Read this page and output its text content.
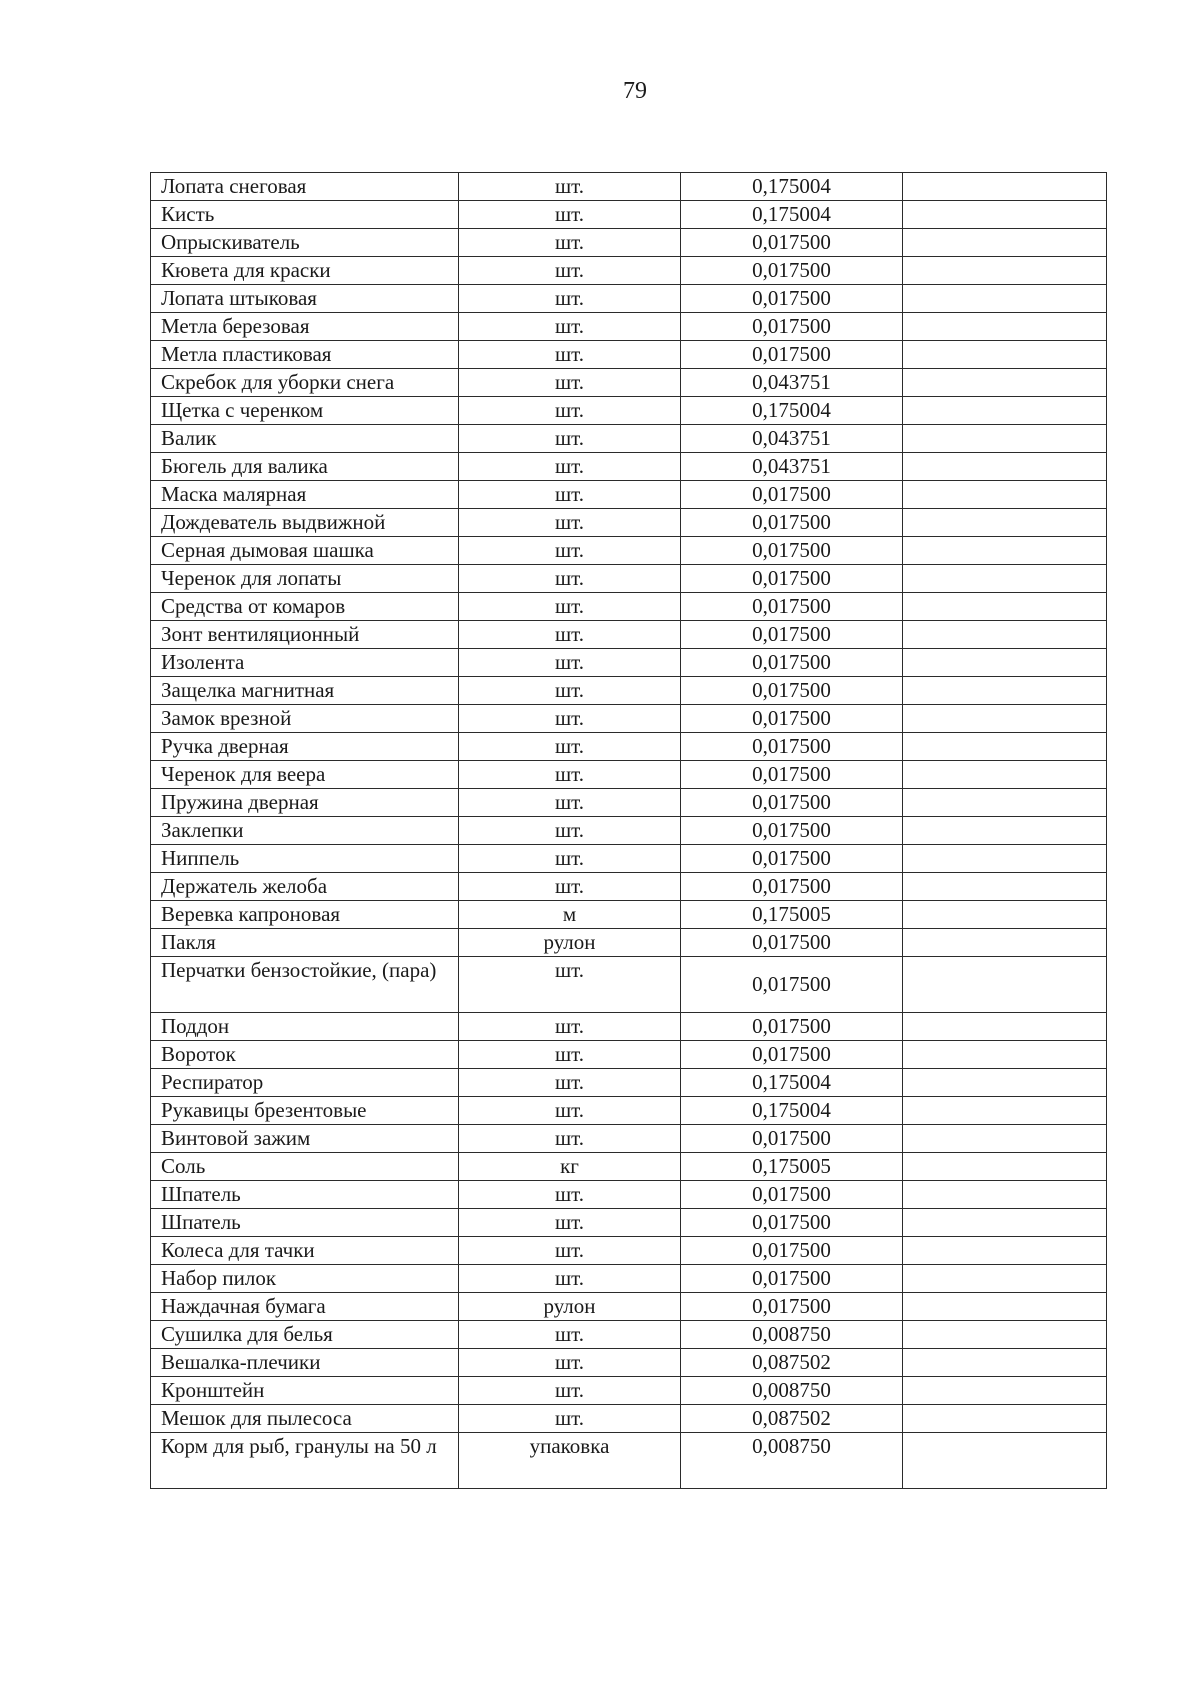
79
Лопата снеговая	шт.	0,175004	
Кисть	шт.	0,175004	
Опрыскиватель	шт.	0,017500	
Кювета для краски	шт.	0,017500	
Лопата штыковая	шт.	0,017500	
Метла березовая	шт.	0,017500	
Метла пластиковая	шт.	0,017500	
Скребок для уборки снега	шт.	0,043751	
Щетка с черенком	шт.	0,175004	
Валик	шт.	0,043751	
Бюгель для валика	шт.	0,043751	
Маска малярная	шт.	0,017500	
Дождеватель выдвижной	шт.	0,017500	
Серная дымовая шашка	шт.	0,017500	
Черенок для лопаты	шт.	0,017500	
Средства от комаров	шт.	0,017500	
Зонт вентиляционный	шт.	0,017500	
Изолента	шт.	0,017500	
Защелка магнитная	шт.	0,017500	
Замок врезной	шт.	0,017500	
Ручка дверная	шт.	0,017500	
Черенок для веера	шт.	0,017500	
Пружина дверная	шт.	0,017500	
Заклепки	шт.	0,017500	
Ниппель	шт.	0,017500	
Держатель желоба	шт.	0,017500	
Веревка капроновая	м	0,175005	
Пакля	рулон	0,017500	
Перчатки бензостойкие, (пара)	шт.	0,017500	
Поддон	шт.	0,017500	
Вороток	шт.	0,017500	
Респиратор	шт.	0,175004	
Рукавицы брезентовые	шт.	0,175004	
Винтовой зажим	шт.	0,017500	
Соль	кг	0,175005	
Шпатель	шт.	0,017500	
Шпатель	шт.	0,017500	
Колеса для тачки	шт.	0,017500	
Набор пилок	шт.	0,017500	
Наждачная бумага	рулон	0,017500	
Сушилка для белья	шт.	0,008750	
Вешалка-плечики	шт.	0,087502	
Кронштейн	шт.	0,008750	
Мешок для пылесоса	шт.	0,087502	
Корм для рыб, гранулы на 50 л	упаковка	0,008750	
